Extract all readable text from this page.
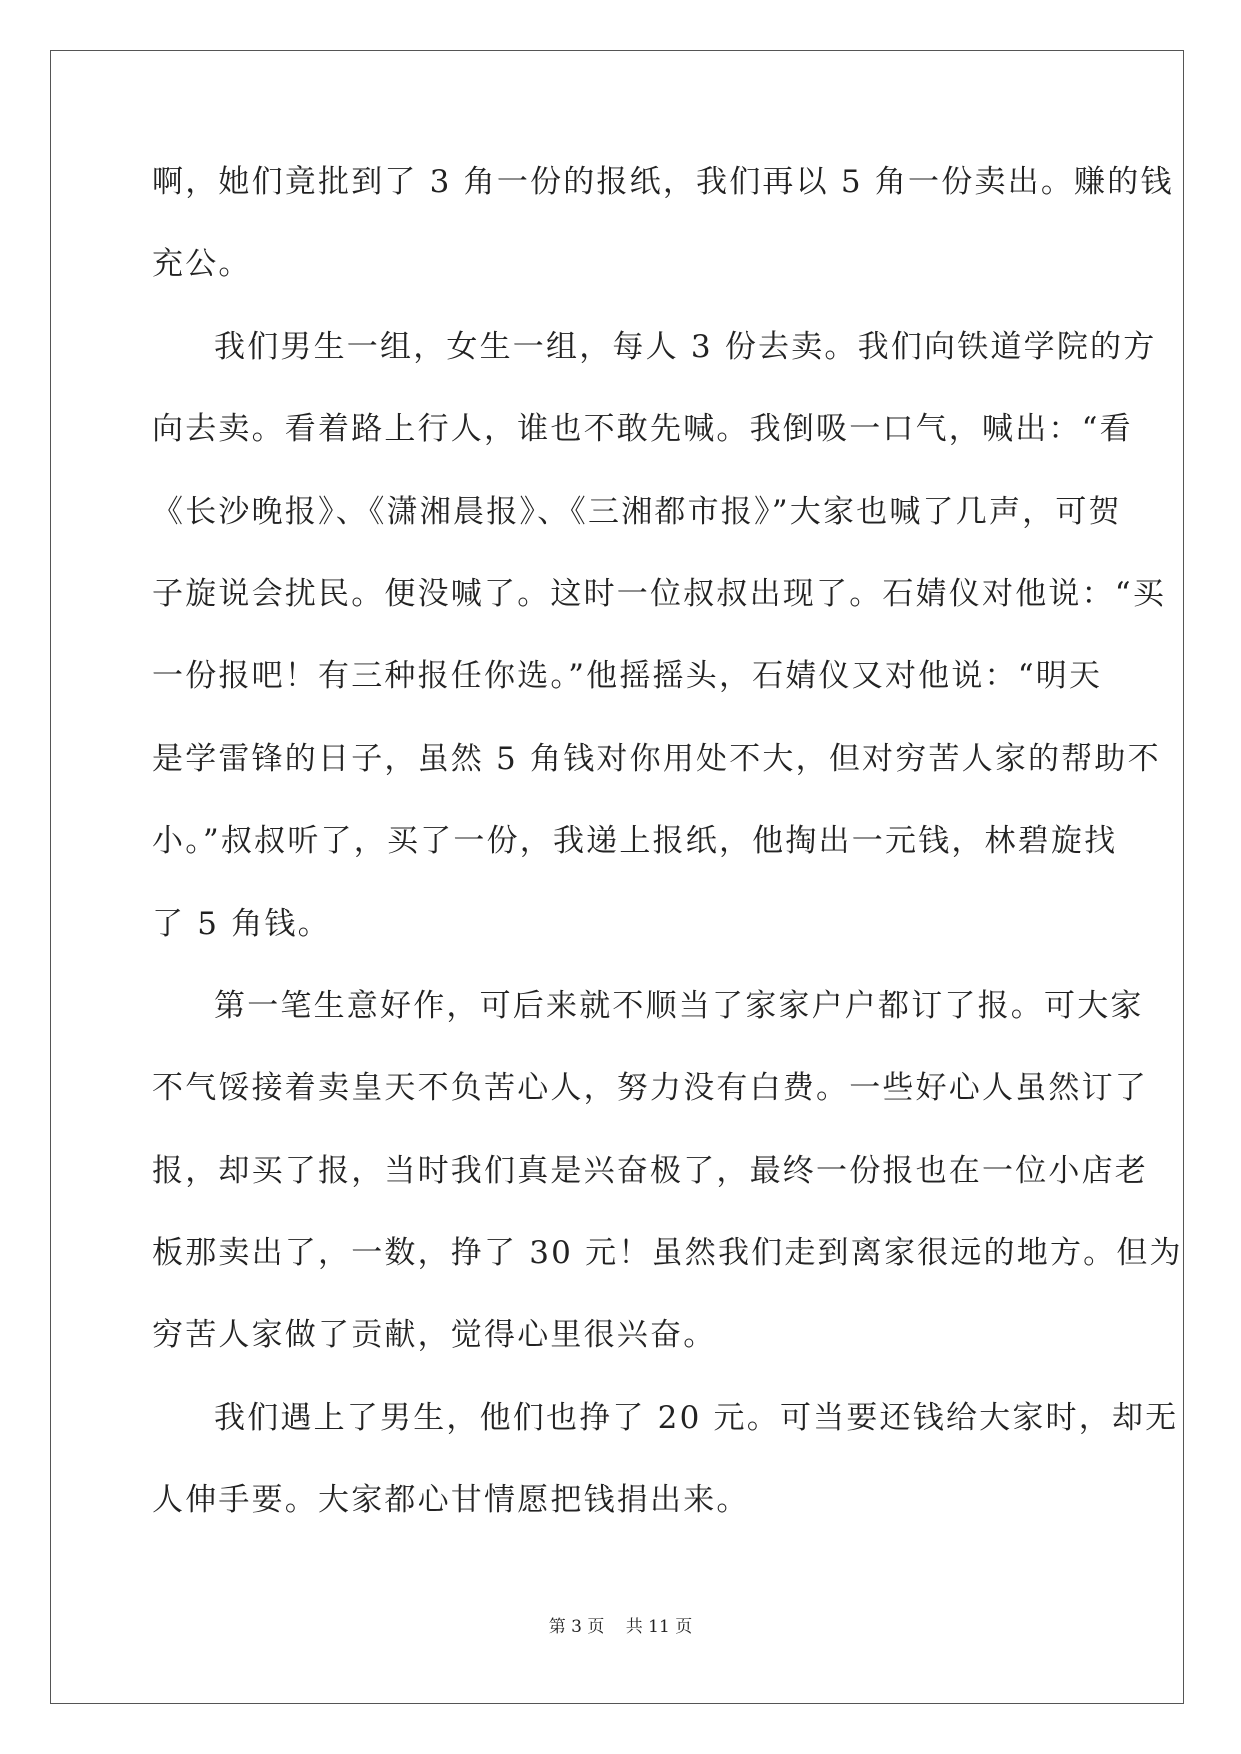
啊，她们竟批到了 3 角一份的报纸，我们再以 5 角一份卖出。赚的钱
充公。
我们男生一组，女生一组，每人 3 份去卖。我们向铁道学院的方
向去卖。看着路上行人，谁也不敢先喊。我倒吸一口气，喊出：“看
《长沙晚报》、《潇湘晨报》、《三湘都市报》”大家也喊了几声，可贺
子旋说会扰民。便没喊了。这时一位叔叔出现了。石婧仪对他说：“买
一份报吧！有三种报任你选。”他摇摇头，石婧仪又对他说：“明天
是学雷锋的日子，虽然 5 角钱对你用处不大，但对穷苦人家的帮助不
小。”叔叔听了，买了一份，我递上报纸，他掏出一元钱，林碧旋找
了 5 角钱。
第一笔生意好作，可后来就不顺当了家家户户都订了报。可大家
不气馁接着卖皇天不负苦心人，努力没有白费。一些好心人虽然订了
报，却买了报，当时我们真是兴奋极了，最终一份报也在一位小店老
板那卖出了，一数，挣了 30 元！虽然我们走到离家很远的地方。但为
穷苦人家做了贡献，觉得心里很兴奋。
我们遇上了男生，他们也挣了 20 元。可当要还钱给大家时，却无
人伸手要。大家都心甘情愿把钱捐出来。
第 3 页 共 11 页
